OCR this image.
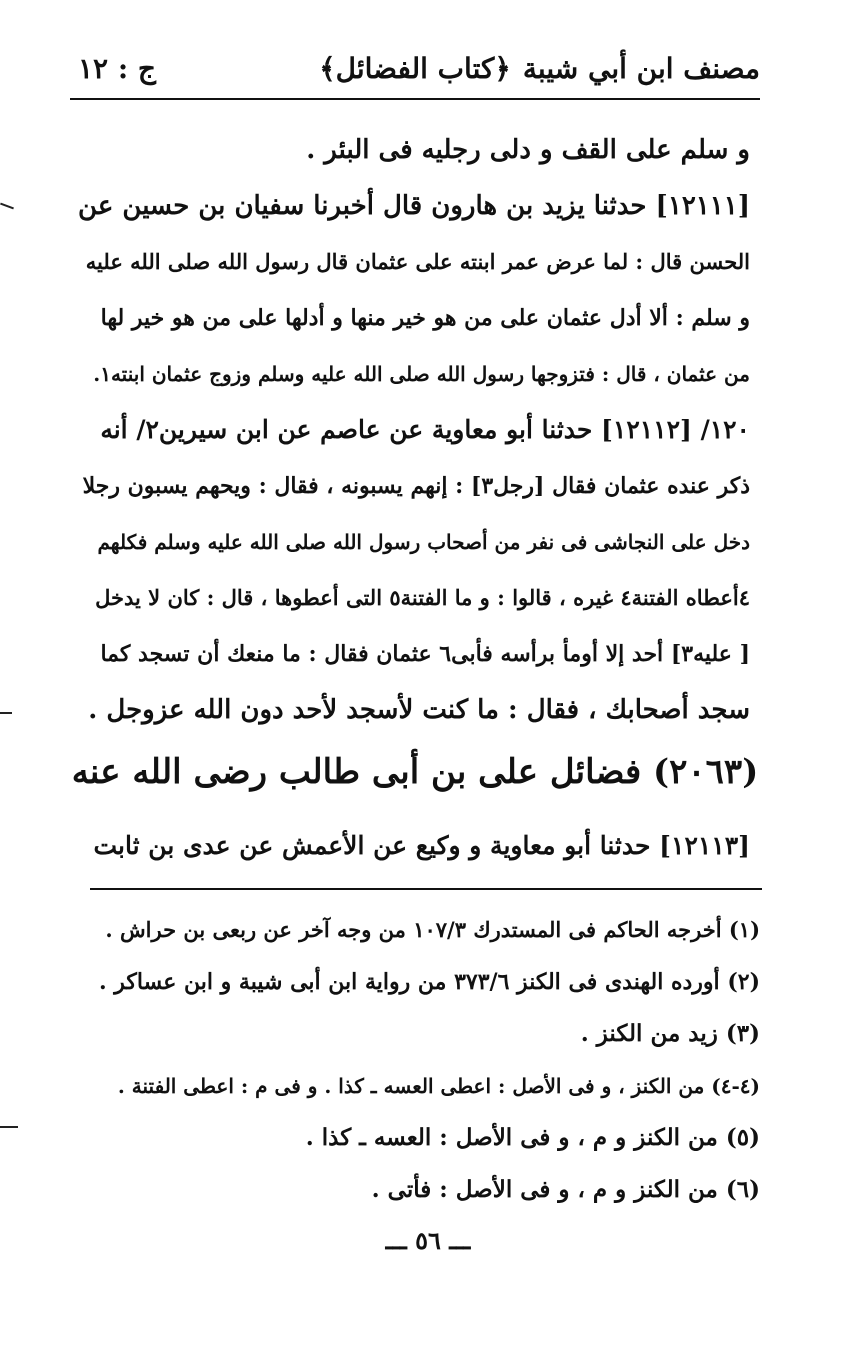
مصنف ابن أبي شيبة
﴿كتاب الفضائل﴾
ج : ١٢

و سلم على القف و دلى رجليه فى البئر .

[١٢١١١] حدثنا يزيد بن هارون قال أخبرنا سفيان بن حسين عن

الحسن قال : لما عرض عمر ابنته على عثمان قال رسول الله صلى الله عليه

و سلم : ألا أدل عثمان على من هو خير منها و أدلها على من هو خير لها

من عثمان ، قال : فتزوجها رسول الله صلى الله عليه وسلم وزوج عثمان ابنته١.

١٢٠/ [١٢١١٢] حدثنا أبو معاوية عن عاصم عن ابن سيرين٢/ أنه

ذكر عنده عثمان فقال [رجل٣] : إنهم يسبونه ، فقال : ويحهم يسبون رجلا

دخل على النجاشى فى نفر من أصحاب رسول الله صلى الله عليه وسلم فكلهم

٤أعطاه الفتنة٤ غيره ، قالوا : و ما الفتنة٥ التى أعطوها ، قال : كان لا يدخل

[ عليه٣] أحد إلا أومأ برأسه فأبى٦ عثمان فقال : ما منعك أن تسجد كما

سجد أصحابك ، فقال : ما كنت لأسجد لأحد دون الله عزوجل .

(٢٠٦٣) فضائل على بن أبى طالب رضى الله عنه
[١٢١١٣] حدثنا أبو معاوية و وكيع عن الأعمش عن عدى بن ثابت
(١) أخرجه الحاكم فى المستدرك ١٠٧/٣ من وجه آخر عن ربعى بن حراش .
(٢) أورده الهندى فى الكنز ٣٧٣/٦ من رواية ابن أبى شيبة و ابن عساكر .
(٣) زيد من الكنز .
(٤-٤) من الكنز ، و فى الأصل : اعطى العسه ـ كذا . و فى م : اعطى الفتنة .
(٥) من الكنز و م ، و فى الأصل : العسه ـ كذا .
(٦) من الكنز و م ، و فى الأصل : فأتى .
ـــ ٥٦ ـــ
